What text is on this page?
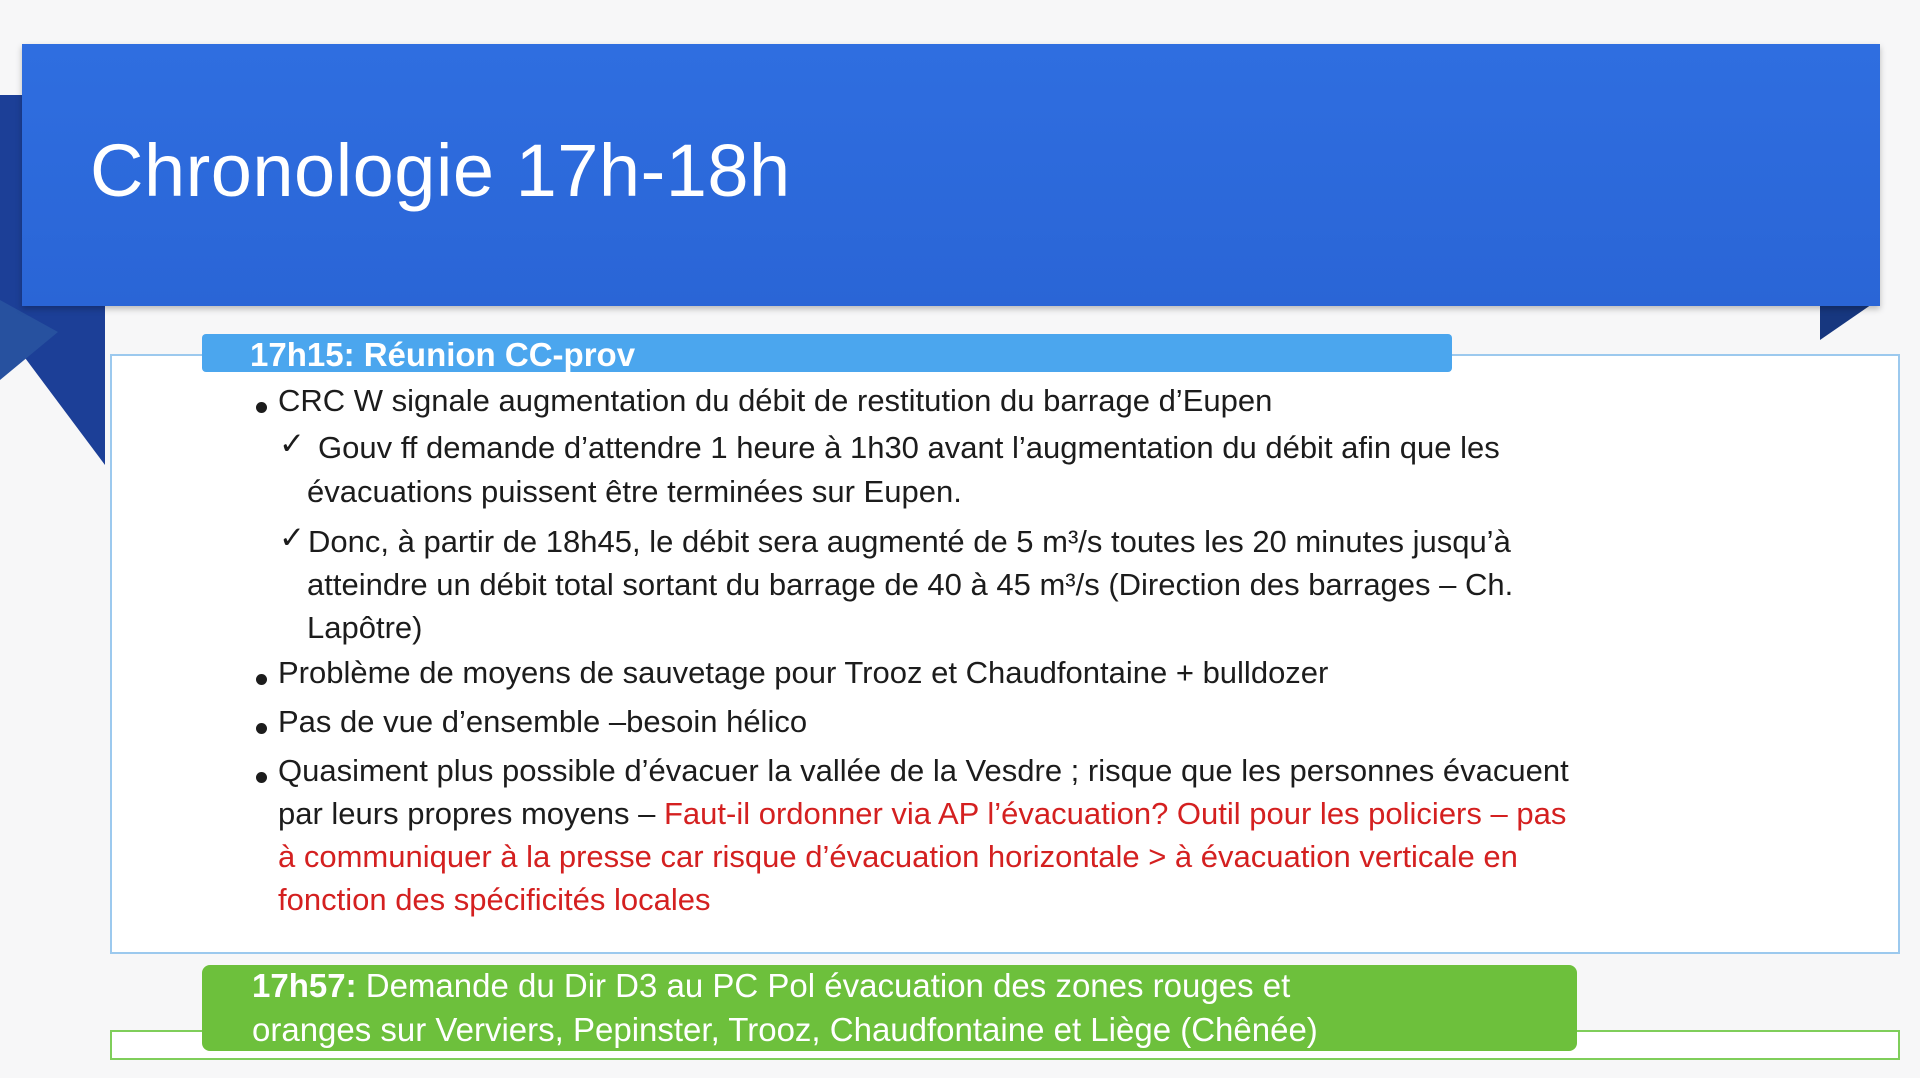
Chronologie 17h-18h
17h15: Réunion CC-prov
CRC W signale augmentation du débit de restitution du barrage d’Eupen
✓ Gouv ff demande d’attendre 1 heure à 1h30 avant l’augmentation du débit afin que les
évacuations puissent être terminées sur Eupen.
✓ Donc, à partir de 18h45, le débit sera augmenté de 5 m³/s toutes les 20 minutes jusqu’à
atteindre un débit total sortant du barrage de 40 à 45 m³/s (Direction des barrages – Ch.
Lapôtre)
Problème de moyens de sauvetage pour Trooz et Chaudfontaine + bulldozer
Pas de vue d’ensemble –besoin hélico
Quasiment plus possible d’évacuer la vallée de la Vesdre ; risque que les personnes évacuent
par leurs propres moyens – Faut-il ordonner via AP l’évacuation? Outil pour les policiers – pas
à communiquer à la presse car risque d’évacuation horizontale > à évacuation verticale en
fonction des spécificités locales
17h57: Demande du Dir D3 au PC Pol évacuation des zones rouges et
oranges sur Verviers, Pepinster, Trooz, Chaudfontaine et Liège (Chênée)
